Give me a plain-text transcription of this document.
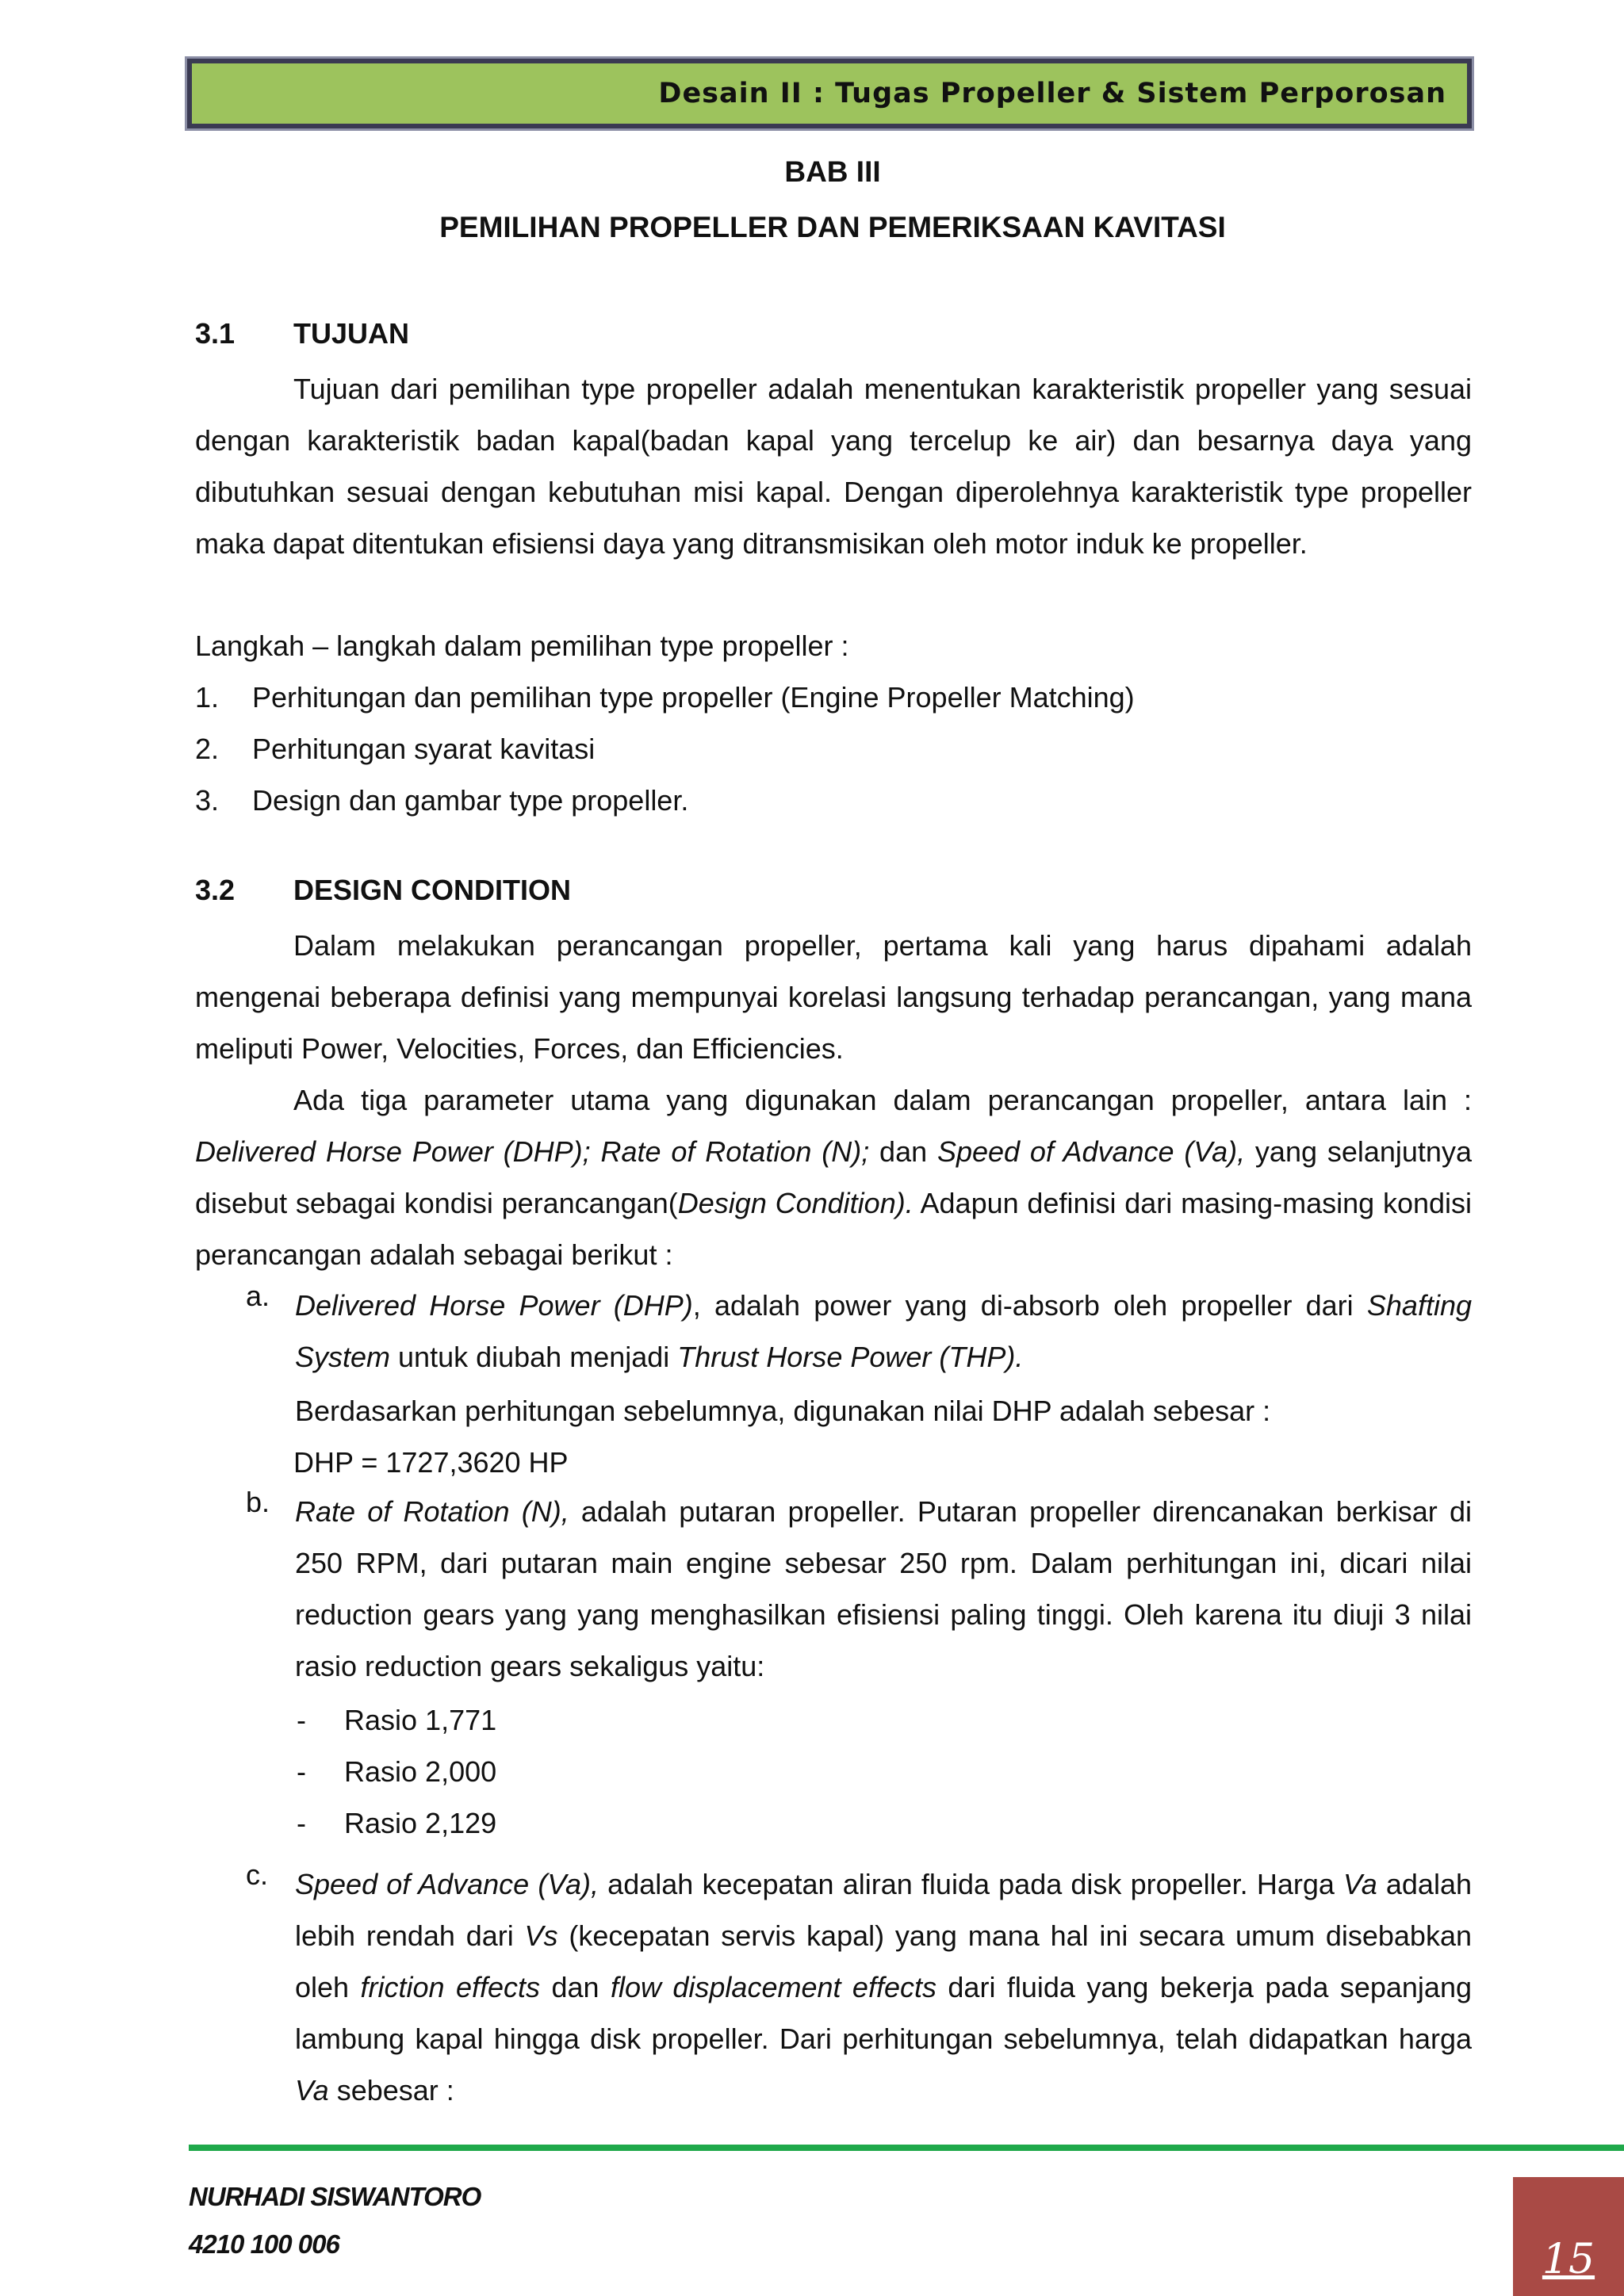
Desain II : Tugas Propeller & Sistem Perporosan
BAB III
PEMILIHAN PROPELLER DAN PEMERIKSAAN KAVITASI
3.1 TUJUAN

Tujuan dari pemilihan type propeller adalah menentukan karakteristik propeller yang sesuai dengan karakteristik badan kapal(badan kapal yang tercelup ke air) dan besarnya daya yang dibutuhkan sesuai dengan kebutuhan misi kapal. Dengan diperolehnya karakteristik type propeller maka dapat ditentukan efisiensi daya yang ditransmisikan oleh motor induk ke propeller.

Langkah – langkah dalam pemilihan type propeller :
1. Perhitungan dan pemilihan type propeller (Engine Propeller Matching)
2. Perhitungan syarat kavitasi
3. Design dan gambar type propeller.
3.2 DESIGN CONDITION

Dalam melakukan perancangan propeller, pertama kali yang harus dipahami adalah mengenai beberapa definisi yang mempunyai korelasi langsung terhadap perancangan, yang mana meliputi Power, Velocities, Forces, dan Efficiencies.

Ada tiga parameter utama yang digunakan dalam perancangan propeller, antara lain : Delivered Horse Power (DHP); Rate of Rotation (N); dan Speed of Advance (Va), yang selanjutnya disebut sebagai kondisi perancangan(Design Condition). Adapun definisi dari masing-masing kondisi perancangan adalah sebagai berikut :

a. Delivered Horse Power (DHP), adalah power yang di-absorb oleh propeller dari Shafting System untuk diubah menjadi Thrust Horse Power (THP).

Berdasarkan perhitungan sebelumnya, digunakan nilai DHP adalah sebesar :
DHP = 1727,3620 HP
b. Rate of Rotation (N), adalah putaran propeller. Putaran propeller direncanakan berkisar di 250 RPM, dari putaran main engine sebesar 250 rpm. Dalam perhitungan ini, dicari nilai reduction gears yang yang menghasilkan efisiensi paling tinggi. Oleh karena itu diuji 3 nilai rasio reduction gears sekaligus yaitu:

- Rasio 1,771
- Rasio 2,000
- Rasio 2,129
c. Speed of Advance (Va), adalah kecepatan aliran fluida pada disk propeller. Harga Va adalah lebih rendah dari Vs (kecepatan servis kapal) yang mana hal ini secara umum disebabkan oleh friction effects dan flow displacement effects dari fluida yang bekerja pada sepanjang lambung kapal hingga disk propeller. Dari perhitungan sebelumnya, telah didapatkan harga Va sebesar :

NURHADI SISWANTORO
4210 100 006	15
